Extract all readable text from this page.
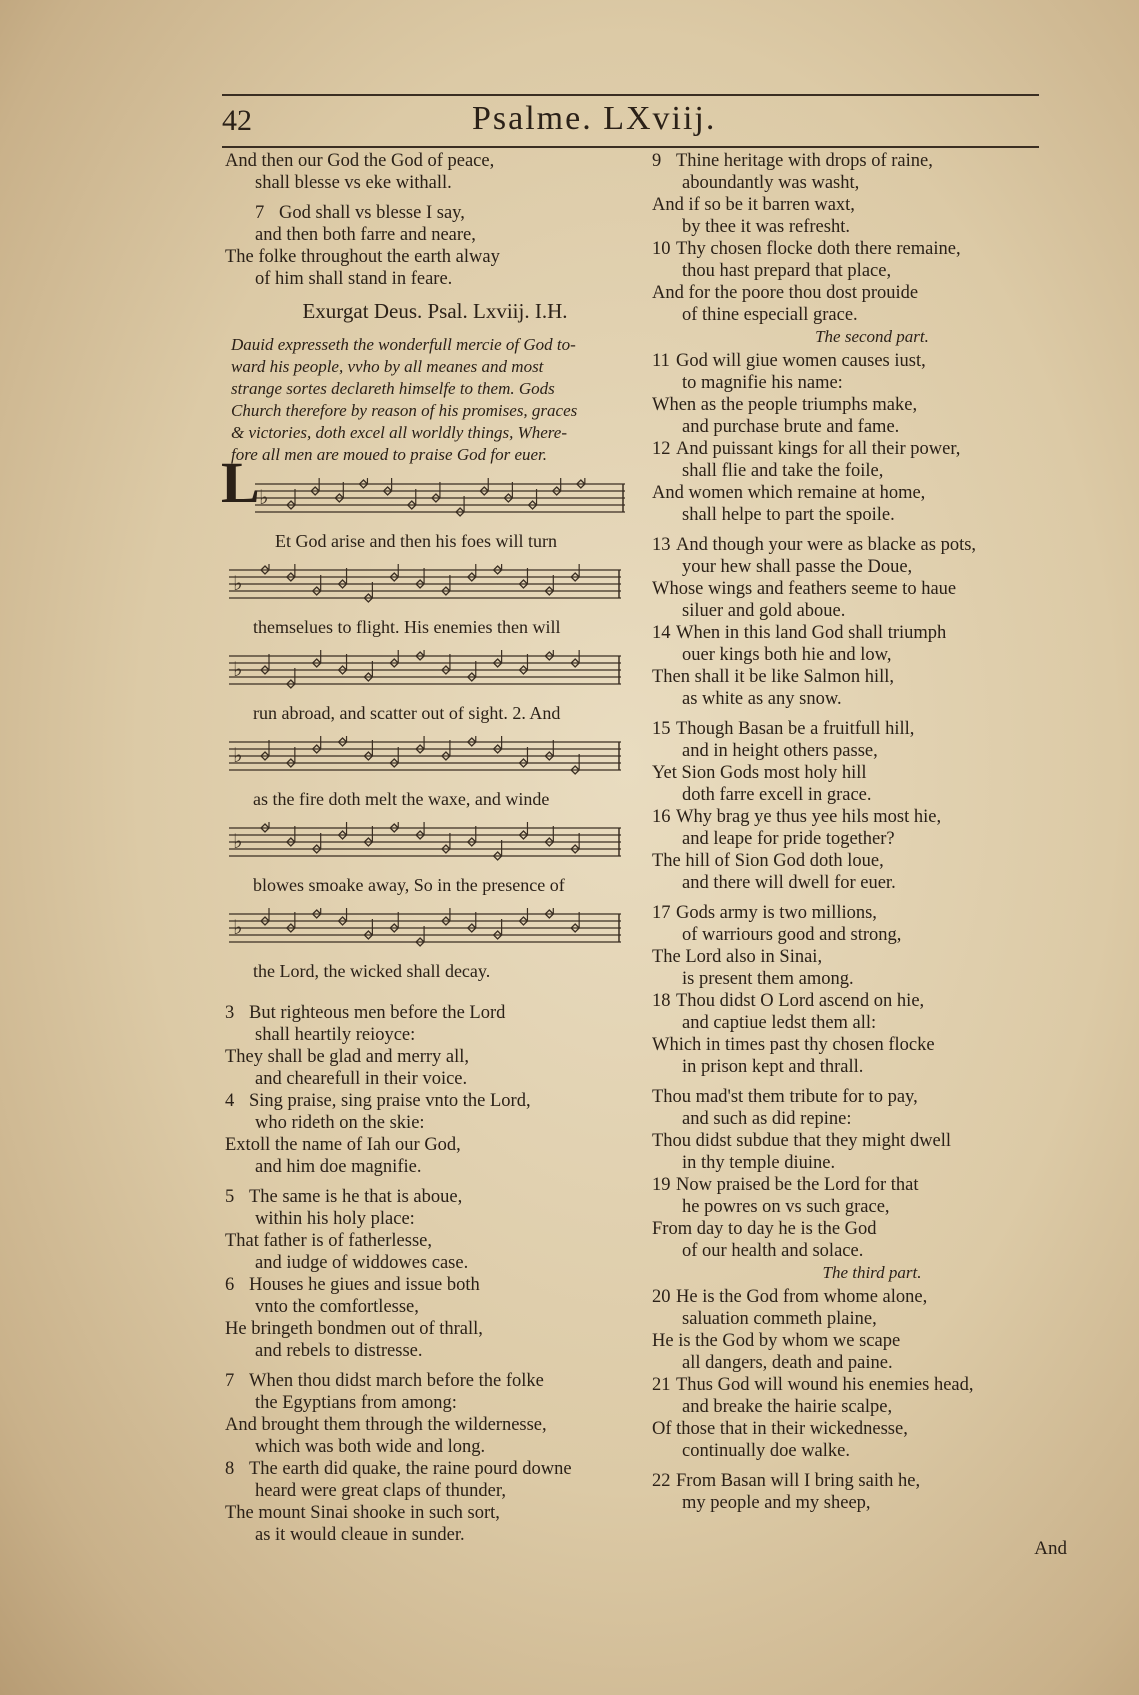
42	Psalme. LXviij.
And then our God the God of peace,
shall blesse vs eke withall.
7 God shall vs blesse I say,
and then both farre and neare,
The folke throughout the earth alway
of him shall stand in feare.
Exurgat Deus. Psal. Lxviij. I.H.
Dauid expresseth the wonderfull mercie of God to-
ward his people, vvho by all meanes and most
strange sortes declareth himselfe to them. Gods
Church therefore by reason of his promises, graces
& victories, doth excel all worldly things, Where-
fore all men are moued to praise God for euer.
♭
L
Et God arise and then his foes will turn
♭
themselues to flight. His enemies then will
♭
run abroad, and scatter out of sight. 2. And
♭
as the fire doth melt the waxe, and winde
♭
blowes smoake away, So in the presence of
♭
the Lord, the wicked shall decay.
3 But righteous men before the Lord
shall heartily reioyce:
They shall be glad and merry all,
and chearefull in their voice.
4 Sing praise, sing praise vnto the Lord,
who rideth on the skie:
Extoll the name of Iah our God,
and him doe magnifie.
5 The same is he that is aboue,
within his holy place:
That father is of fatherlesse,
and iudge of widdowes case.
6 Houses he giues and issue both
vnto the comfortlesse,
He bringeth bondmen out of thrall,
and rebels to distresse.
7 When thou didst march before the folke
the Egyptians from among:
And brought them through the wildernesse,
which was both wide and long.
8 The earth did quake, the raine pourd downe
heard were great claps of thunder,
The mount Sinai shooke in such sort,
as it would cleaue in sunder.
9 Thine heritage with drops of raine,
aboundantly was washt,
And if so be it barren waxt,
by thee it was refresht.
10 Thy chosen flocke doth there remaine,
thou hast prepard that place,
And for the poore thou dost prouide
of thine especiall grace.
The second part.
11 God will giue women causes iust,
to magnifie his name:
When as the people triumphs make,
and purchase brute and fame.
12 And puissant kings for all their power,
shall flie and take the foile,
And women which remaine at home,
shall helpe to part the spoile.
13 And though your were as blacke as pots,
your hew shall passe the Doue,
Whose wings and feathers seeme to haue
siluer and gold aboue.
14 When in this land God shall triumph
ouer kings both hie and low,
Then shall it be like Salmon hill,
as white as any snow.
15 Though Basan be a fruitfull hill,
and in height others passe,
Yet Sion Gods most holy hill
doth farre excell in grace.
16 Why brag ye thus yee hils most hie,
and leape for pride together?
The hill of Sion God doth loue,
and there will dwell for euer.
17 Gods army is two millions,
of warriours good and strong,
The Lord also in Sinai,
is present them among.
18 Thou didst O Lord ascend on hie,
and captiue ledst them all:
Which in times past thy chosen flocke
in prison kept and thrall.
Thou mad'st them tribute for to pay,
and such as did repine:
Thou didst subdue that they might dwell
in thy temple diuine.
19 Now praised be the Lord for that
he powres on vs such grace,
From day to day he is the God
of our health and solace.
The third part.
20 He is the God from whome alone,
saluation commeth plaine,
He is the God by whom we scape
all dangers, death and paine.
21 Thus God will wound his enemies head,
and breake the hairie scalpe,
Of those that in their wickednesse,
continually doe walke.
22 From Basan will I bring saith he,
my people and my sheep,
And
